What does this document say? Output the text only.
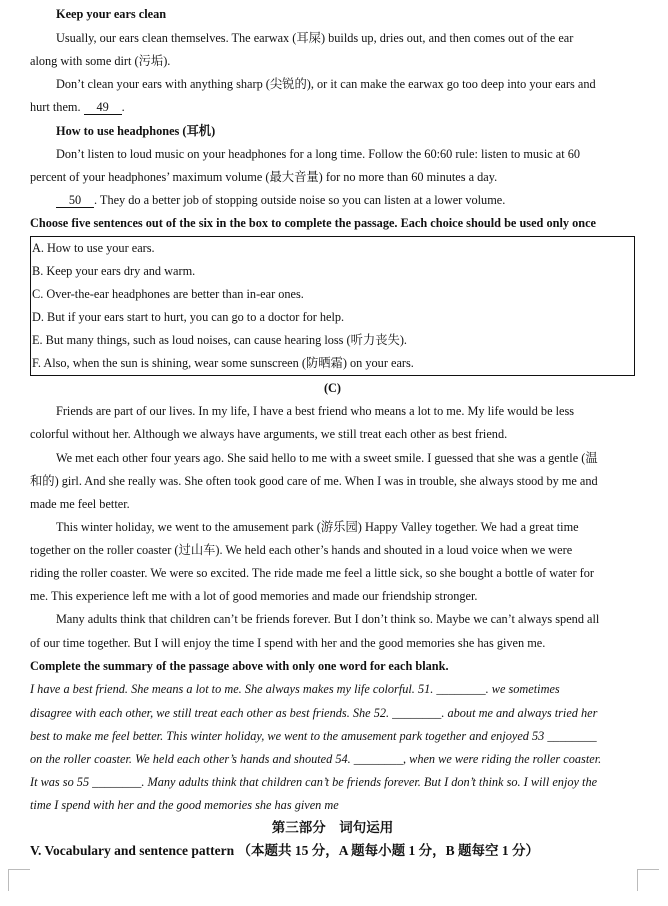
Keep your ears clean
Usually, our ears clean themselves. The earwax (耳屎) builds up, dries out, and then comes out of the ear
along with some dirt (污垢).
Don’t clean your ears with anything sharp (尖锐的), or it can make the earwax go too deep into your ears and
hurt them. 49 .
How to use headphones (耳机)
Don’t listen to loud music on your headphones for a long time. Follow the 60:60 rule: listen to music at 60
percent of your headphones’ maximum volume (最大音量) for no more than 60 minutes a day.
50 . They do a better job of stopping outside noise so you can listen at a lower volume.
Choose five sentences out of the six in the box to complete the passage. Each choice should be used only once
A. How to use your ears.
B. Keep your ears dry and warm.
C. Over-the-ear headphones are better than in-ear ones.
D. But if your ears start to hurt, you can go to a doctor for help.
E. But many things, such as loud noises, can cause hearing loss (听力丧失).
F. Also, when the sun is shining, wear some sunscreen (防晒霜) on your ears.
(C)
Friends are part of our lives. In my life, I have a best friend who means a lot to me. My life would be less
colorful without her. Although we always have arguments, we still treat each other as best friend.
We met each other four years ago. She said hello to me with a sweet smile. I guessed that she was a gentle (温
和的) girl. And she really was. She often took good care of me. When I was in trouble, she always stood by me and
made me feel better.
This winter holiday, we went to the amusement park (游乐园) Happy Valley together. We had a great time
together on the roller coaster (过山车). We held each other’s hands and shouted in a loud voice when we were
riding the roller coaster. We were so excited. The ride made me feel a little sick, so she bought a bottle of water for
me. This experience left me with a lot of good memories and made our friendship stronger.
Many adults think that children can’t be friends forever. But I don’t think so. Maybe we can’t always spend all
of our time together. But I will enjoy the time I spend with her and the good memories she has given me.
Complete the summary of the passage above with only one word for each blank.
I have a best friend. She means a lot to me. She always makes my life colorful. 51. ________. we sometimes
disagree with each other, we still treat each other as best friends. She 52. ________. about me and always tried her
best to make me feel better. This winter holiday, we went to the amusement park together and enjoyed 53 ________
on the roller coaster. We held each other’s hands and shouted 54. ________, when we were riding the roller coaster.
It was so 55 ________. Many adults think that children can’t be friends forever. But I don’t think so. I will enjoy the
time I spend with her and the good memories she has given me
第三部分　词句运用
V. Vocabulary and sentence pattern （本题共 15 分，A 题每小题 1 分，B 题每空 1 分）
